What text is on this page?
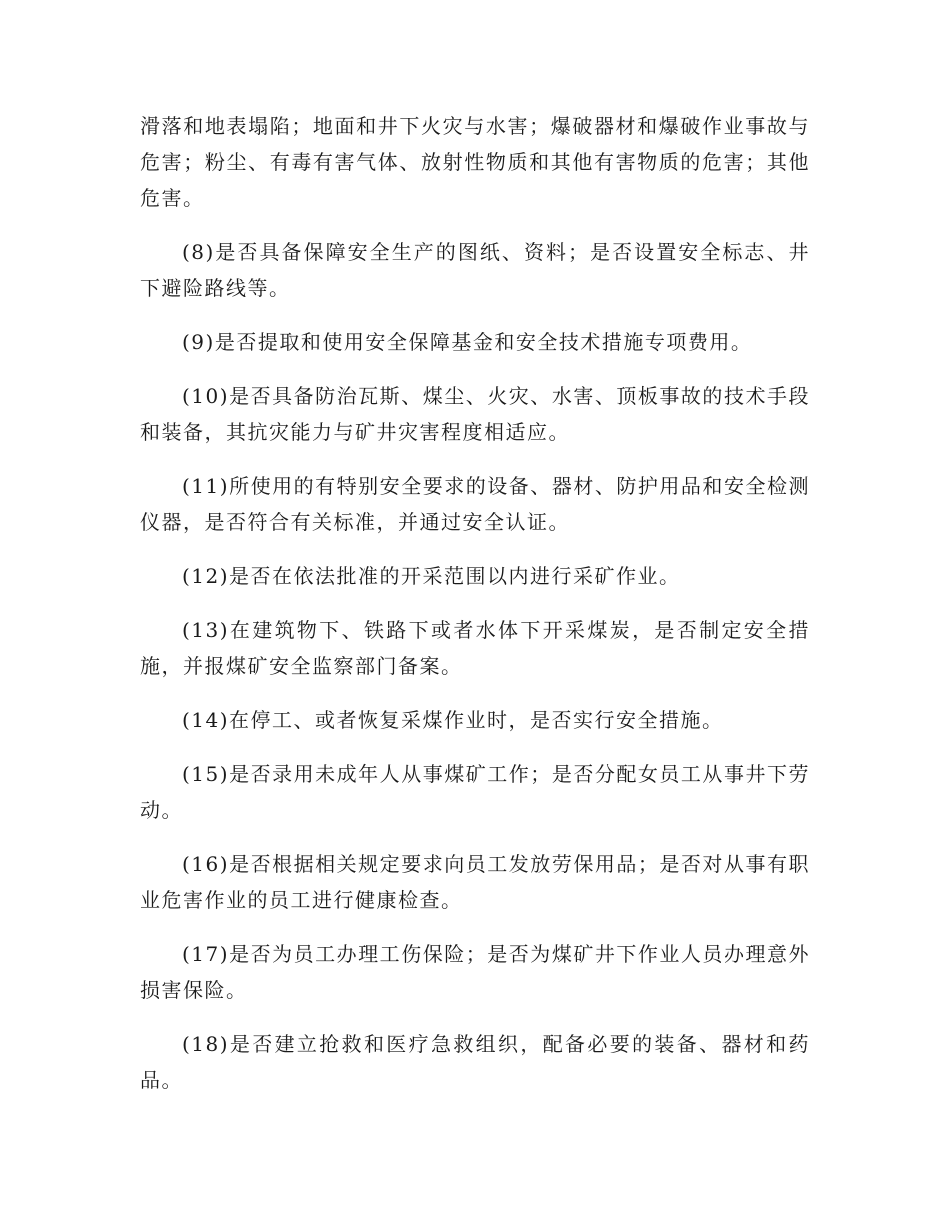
滑落和地表塌陷；地面和井下火灾与水害；爆破器材和爆破作业事故与危害；粉尘、有毒有害气体、放射性物质和其他有害物质的危害；其他危害。

(8)是否具备保障安全生产的图纸、资料；是否设置安全标志、井下避险路线等。

(9)是否提取和使用安全保障基金和安全技术措施专项费用。

(10)是否具备防治瓦斯、煤尘、火灾、水害、顶板事故的技术手段和装备，其抗灾能力与矿井灾害程度相适应。

(11)所使用的有特别安全要求的设备、器材、防护用品和安全检测仪器，是否符合有关标准，并通过安全认证。

(12)是否在依法批准的开采范围以内进行采矿作业。

(13)在建筑物下、铁路下或者水体下开采煤炭，是否制定安全措施，并报煤矿安全监察部门备案。

(14)在停工、或者恢复采煤作业时，是否实行安全措施。

(15)是否录用未成年人从事煤矿工作；是否分配女员工从事井下劳动。

(16)是否根据相关规定要求向员工发放劳保用品；是否对从事有职业危害作业的员工进行健康检查。

(17)是否为员工办理工伤保险；是否为煤矿井下作业人员办理意外损害保险。

(18)是否建立抢救和医疗急救组织，配备必要的装备、器材和药品。
